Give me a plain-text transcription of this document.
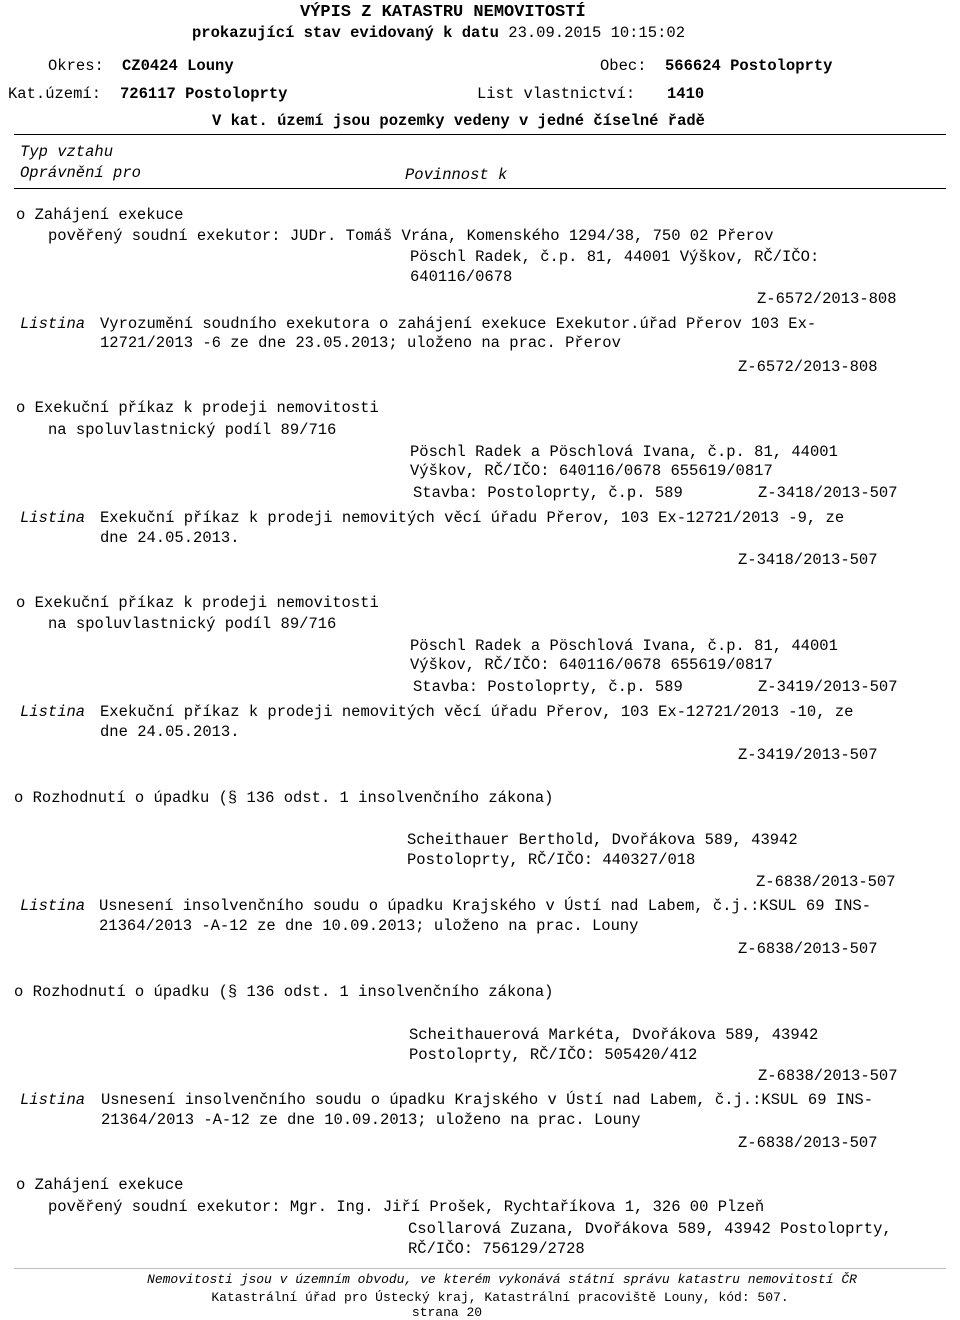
VÝPIS Z KATASTRU NEMOVITOSTÍ
prokazující stav evidovaný k datu 23.09.2015 10:15:02
Okres: CZ0424 Louny	Obec: 566624 Postoloprty
Kat.území: 726117 Postoloprty	List vlastnictví: 1410
V kat. území jsou pozemky vedeny v jedné číselné řadě
Typ vztahu
Oprávnění pro	Povinnost k
o Zahájení exekuce
pověřený soudní exekutor: JUDr. Tomáš Vrána, Komenského 1294/38, 750 02 Přerov
Pöschl Radek, č.p. 81, 44001 Výškov, RČ/IČO:
640116/0678
Z-6572/2013-808
Listina Vyrozumění soudního exekutora o zahájení exekuce Exekutor.úřad Přerov 103 Ex-
12721/2013 -6 ze dne 23.05.2013; uloženo na prac. Přerov
Z-6572/2013-808
o Exekuční příkaz k prodeji nemovitosti
na spoluvlastnický podíl 89/716
Pöschl Radek a Pöschlová Ivana, č.p. 81, 44001
Výškov, RČ/IČO: 640116/0678 655619/0817
Stavba: Postoloprty, č.p. 589	Z-3418/2013-507
Listina Exekuční příkaz k prodeji nemovitých věcí úřadu Přerov, 103 Ex-12721/2013 -9, ze
dne 24.05.2013.
Z-3418/2013-507
o Exekuční příkaz k prodeji nemovitosti
na spoluvlastnický podíl 89/716
Pöschl Radek a Pöschlová Ivana, č.p. 81, 44001
Výškov, RČ/IČO: 640116/0678 655619/0817
Stavba: Postoloprty, č.p. 589	Z-3419/2013-507
Listina Exekuční příkaz k prodeji nemovitých věcí úřadu Přerov, 103 Ex-12721/2013 -10, ze
dne 24.05.2013.
Z-3419/2013-507
o Rozhodnutí o úpadku (§ 136 odst. 1 insolvenčního zákona)
Scheithauer Berthold, Dvořákova 589, 43942
Postoloprty, RČ/IČO: 440327/018
Z-6838/2013-507
Listina Usnesení insolvenčního soudu o úpadku Krajského v Ústí nad Labem, č.j.:KSUL 69 INS-
21364/2013 -A-12 ze dne 10.09.2013; uloženo na prac. Louny
Z-6838/2013-507
o Rozhodnutí o úpadku (§ 136 odst. 1 insolvenčního zákona)
Scheithauerová Markéta, Dvořákova 589, 43942
Postoloprty, RČ/IČO: 505420/412
Z-6838/2013-507
Listina Usnesení insolvenčního soudu o úpadku Krajského v Ústí nad Labem, č.j.:KSUL 69 INS-
21364/2013 -A-12 ze dne 10.09.2013; uloženo na prac. Louny
Z-6838/2013-507
o Zahájení exekuce
pověřený soudní exekutor: Mgr. Ing. Jiří Prošek, Rychtaříkova 1, 326 00 Plzeň
Csollarová Zuzana, Dvořákova 589, 43942 Postoloprty,
RČ/IČO: 756129/2728
Nemovitosti jsou v územním obvodu, ve kterém vykonává státní správu katastru nemovitostí ČR
Katastrální úřad pro Ústecký kraj, Katastrální pracoviště Louny, kód: 507.
strana 20
